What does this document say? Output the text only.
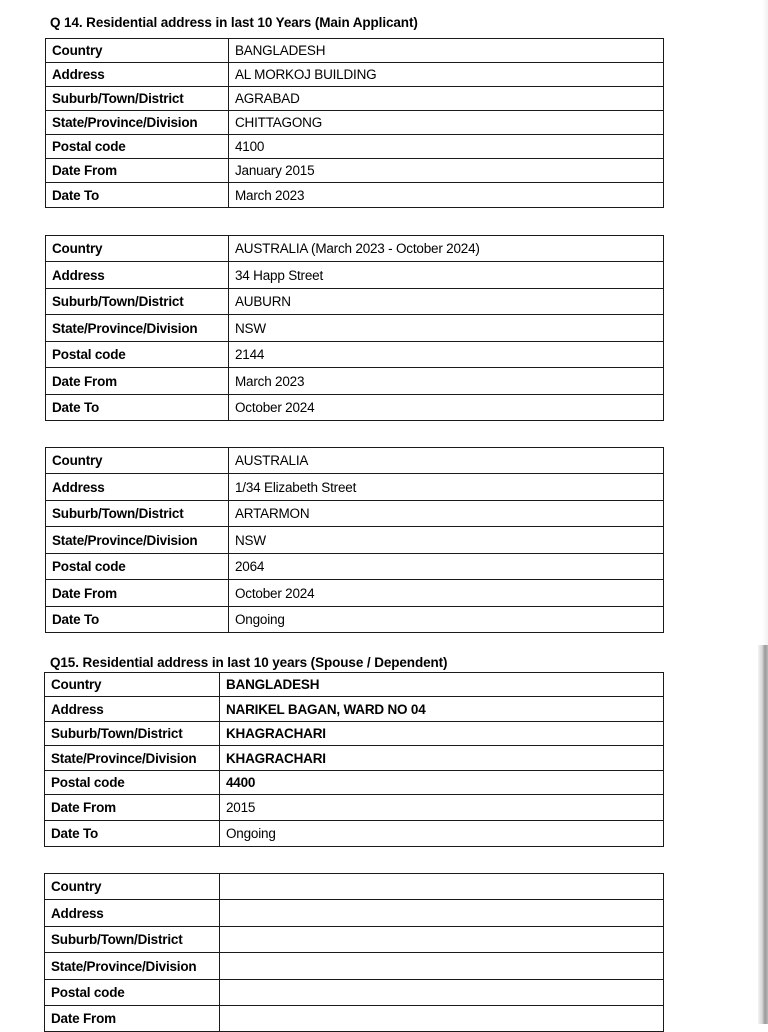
Q 14. Residential address in last 10 Years (Main Applicant)
Country	BANGLADESH
Address	AL MORKOJ BUILDING
Suburb/Town/District	AGRABAD
State/Province/Division	CHITTAGONG
Postal code	4100
Date From	January 2015
Date To	March 2023
Country	AUSTRALIA (March 2023 - October 2024)
Address	34 Happ Street
Suburb/Town/District	AUBURN
State/Province/Division	NSW
Postal code	2144
Date From	March 2023
Date To	October 2024
Country	AUSTRALIA
Address	1/34 Elizabeth Street
Suburb/Town/District	ARTARMON
State/Province/Division	NSW
Postal code	2064
Date From	October 2024
Date To	Ongoing
Q15. Residential address in last 10 years (Spouse / Dependent)
Country	BANGLADESH
Address	NARIKEL BAGAN, WARD NO 04
Suburb/Town/District	KHAGRACHARI
State/Province/Division	KHAGRACHARI
Postal code	4400
Date From	2015
Date To	Ongoing
Country	
Address	
Suburb/Town/District	
State/Province/Division	
Postal code	
Date From	
